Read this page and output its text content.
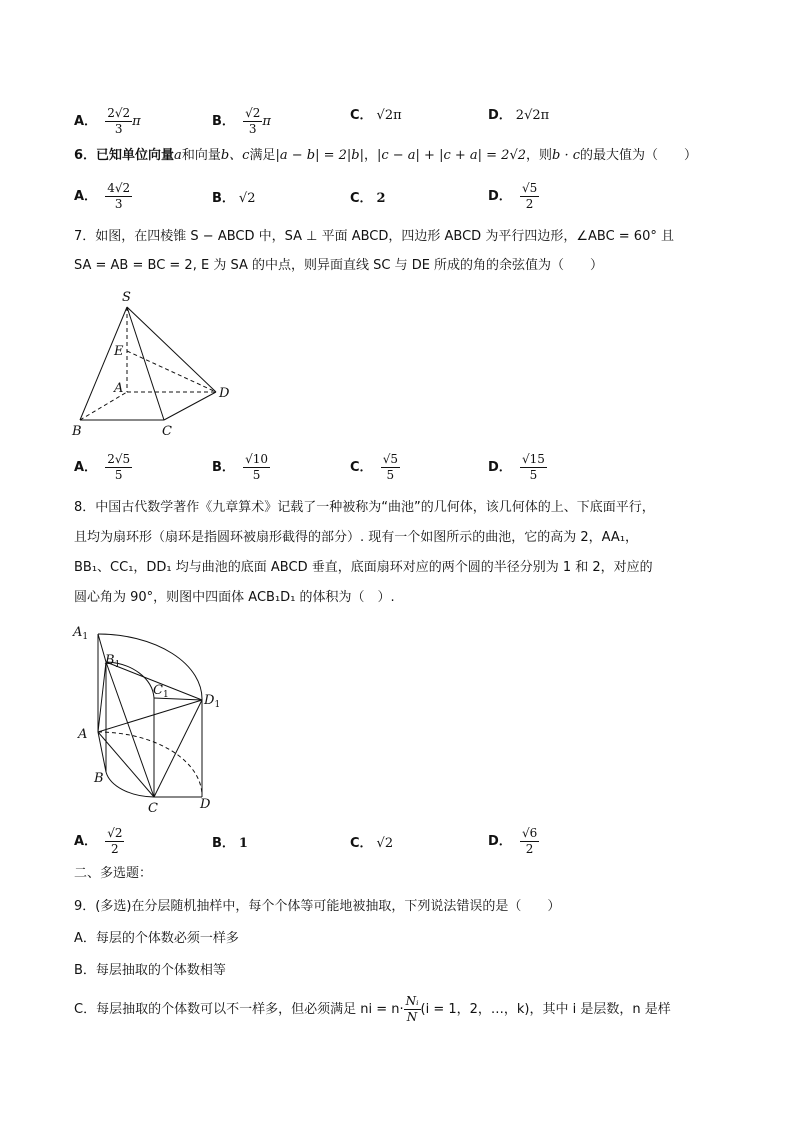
A． $\frac{2√2}{3}$ π	B． $\frac{√2}{3}$ π	C． √2π	D． 2√2π
6．已知单位向量a和向量b、c满足|a − b| = 2|b|，|c − a| + |c + a| = 2√2，则b · c的最大值为（　　）
A． $\frac{4√2}{3}$	B． √2	C． 2	D． $\frac{√5}{2}$
7．如图，在四棱锥 S − ABCD 中，SA ⊥ 平面 ABCD，四边形 ABCD 为平行四边形，∠ABC = 60° 且
SA = AB = BC = 2, E 为 SA 的中点，则异面直线 SC 与 DE 所成的角的余弦值为（　　）
S
E
A
B	C
D
A． $\frac{2√5}{5}$	B． $\frac{√10}{5}$	C． $\frac{√5}{5}$	D． $\frac{√15}{5}$
8．中国古代数学著作《九章算术》记载了一种被称为“曲池”的几何体，该几何体的上、下底面平行，
且均为扇环形（扇环是指圆环被扇形截得的部分）. 现有一个如图所示的曲池，它的高为 2，AA₁，
BB₁、CC₁，DD₁ 均与曲池的底面 ABCD 垂直，底面扇环对应的两个圆的半径分别为 1 和 2，对应的
圆心角为 90°，则图中四面体 ACB₁D₁ 的体积为（　）.
$A_1$
$B_1$
$C_1$	$D_1$
A
B
C	D
A． $\frac{√2}{2}$	B． 1	C． √2	D． $\frac{√6}{2}$
二、多选题：
9．(多选)在分层随机抽样中，每个个体等可能地被抽取，下列说法错误的是（　　）
A．每层的个体数必须一样多
B．每层抽取的个体数相等
C．每层抽取的个体数可以不一样多，但必须满足 ni = $n\cdot \frac{\text{Nᵢ}}{N} (i = 1$，2，…，k)，其中 i 是层数，n 是样
